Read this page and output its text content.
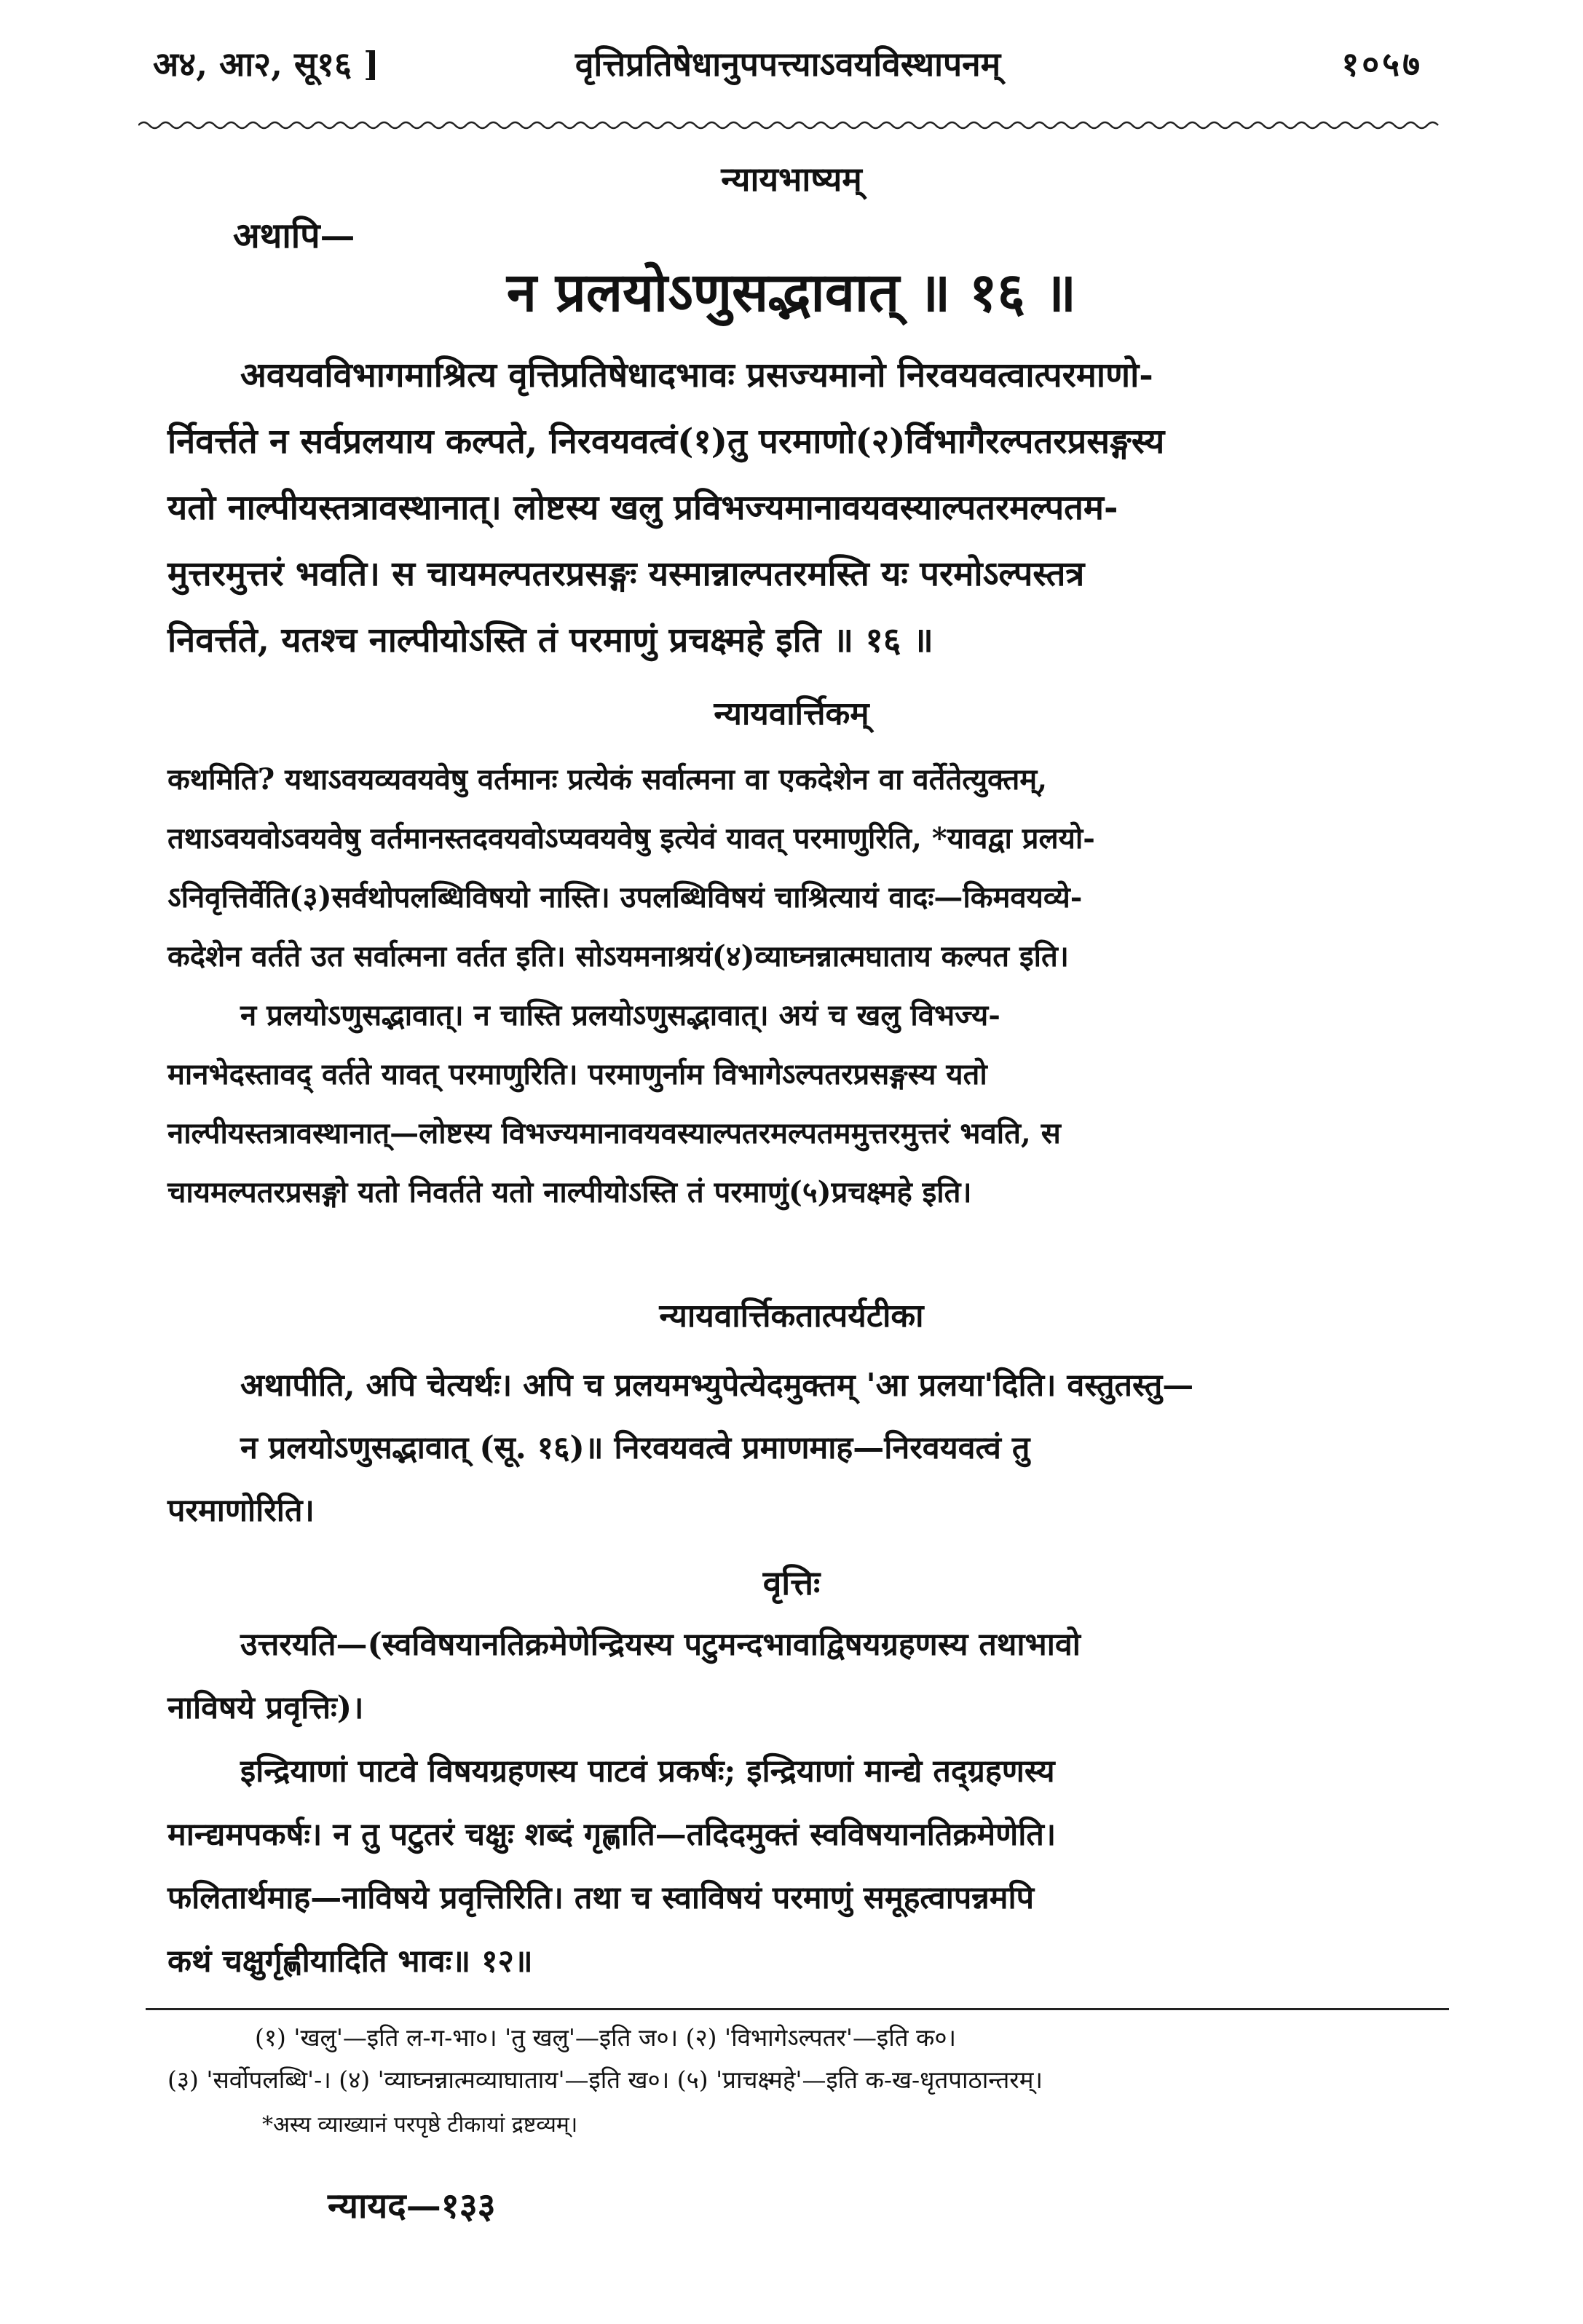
अ४, आ२, सू१६ ]	वृत्तिप्रतिषेधानुपपत्त्याऽवयविस्थापनम्	१०५७
न्यायभाष्यम्
अथापि—
न प्रलयोऽणुसद्भावात् ॥ १६ ॥

अवयवविभागमाश्रित्य वृत्तिप्रतिषेधादभावः प्रसज्यमानो निरवयवत्वात्परमाणो-

र्निवर्त्तते न सर्वप्रलयाय कल्पते, निरवयवत्वं(१)तु परमाणो(२)र्विभागैरल्पतरप्रसङ्गस्य

यतो नाल्पीयस्तत्रावस्थानात्। लोष्टस्य खलु प्रविभज्यमानावयवस्याल्पतरमल्पतम-

मुत्तरमुत्तरं भवति। स चायमल्पतरप्रसङ्गः यस्मान्नाल्पतरमस्ति यः परमोऽल्पस्तत्र

निवर्त्तते, यतश्च नाल्पीयोऽस्ति तं परमाणुं प्रचक्ष्महे इति ॥ १६ ॥

न्यायवार्त्तिकम्

कथमिति? यथाऽवयव्यवयवेषु वर्तमानः प्रत्येकं सर्वात्मना वा एकदेशेन वा वर्तेतेत्युक्तम्,

तथाऽवयवोऽवयवेषु वर्तमानस्तदवयवोऽप्यवयवेषु इत्येवं यावत् परमाणुरिति, *यावद्वा प्रलयो-

ऽनिवृत्तिर्वेति(३)सर्वथोपलब्धिविषयो नास्ति। उपलब्धिविषयं चाश्रित्यायं वादः—किमवयव्ये-

कदेशेन वर्तते उत सर्वात्मना वर्तत इति। सोऽयमनाश्रयं(४)व्याघ्नन्नात्मघाताय कल्पत इति।

न प्रलयोऽणुसद्भावात्। न चास्ति प्रलयोऽणुसद्भावात्। अयं च खलु विभज्य-

मानभेदस्तावद् वर्तते यावत् परमाणुरिति। परमाणुर्नाम विभागेऽल्पतरप्रसङ्गस्य यतो

नाल्पीयस्तत्रावस्थानात्—लोष्टस्य विभज्यमानावयवस्याल्पतरमल्पतममुत्तरमुत्तरं भवति, स

चायमल्पतरप्रसङ्गो यतो निवर्तते यतो नाल्पीयोऽस्ति तं परमाणुं(५)प्रचक्ष्महे इति।

न्यायवार्त्तिकतात्पर्यटीका

अथापीति, अपि चेत्यर्थः। अपि च प्रलयमभ्युपेत्येदमुक्तम् 'आ प्रलया'दिति। वस्तुतस्तु—

न प्रलयोऽणुसद्भावात् (सू. १६)॥ निरवयवत्वे प्रमाणमाह—निरवयवत्वं तु

परमाणोरिति।

वृत्तिः

उत्तरयति—(स्वविषयानतिक्रमेणेन्द्रियस्य पटुमन्दभावाद्विषयग्रहणस्य तथाभावो

नाविषये प्रवृत्तिः)।

इन्द्रियाणां पाटवे विषयग्रहणस्य पाटवं प्रकर्षः; इन्द्रियाणां मान्द्ये तद्ग्रहणस्य

मान्द्यमपकर्षः। न तु पटुतरं चक्षुः शब्दं गृह्णाति—तदिदमुक्तं स्वविषयानतिक्रमेणेति।

फलितार्थमाह—नाविषये प्रवृत्तिरिति। तथा च स्वाविषयं परमाणुं समूहत्वापन्नमपि

कथं चक्षुर्गृह्णीयादिति भावः॥ १२॥

(१) 'खलु'—इति ल-ग-भा०। 'तु खलु'—इति ज०। (२) 'विभागेऽल्पतर'—इति क०।

(३) 'सर्वोपलब्धि'-। (४) 'व्याघ्नन्नात्मव्याघाताय'—इति ख०। (५) 'प्राचक्ष्महे'—इति क-ख-धृतपाठान्तरम्।

*अस्य व्याख्यानं परपृष्ठे टीकायां द्रष्टव्यम्।
न्यायद—१३३
